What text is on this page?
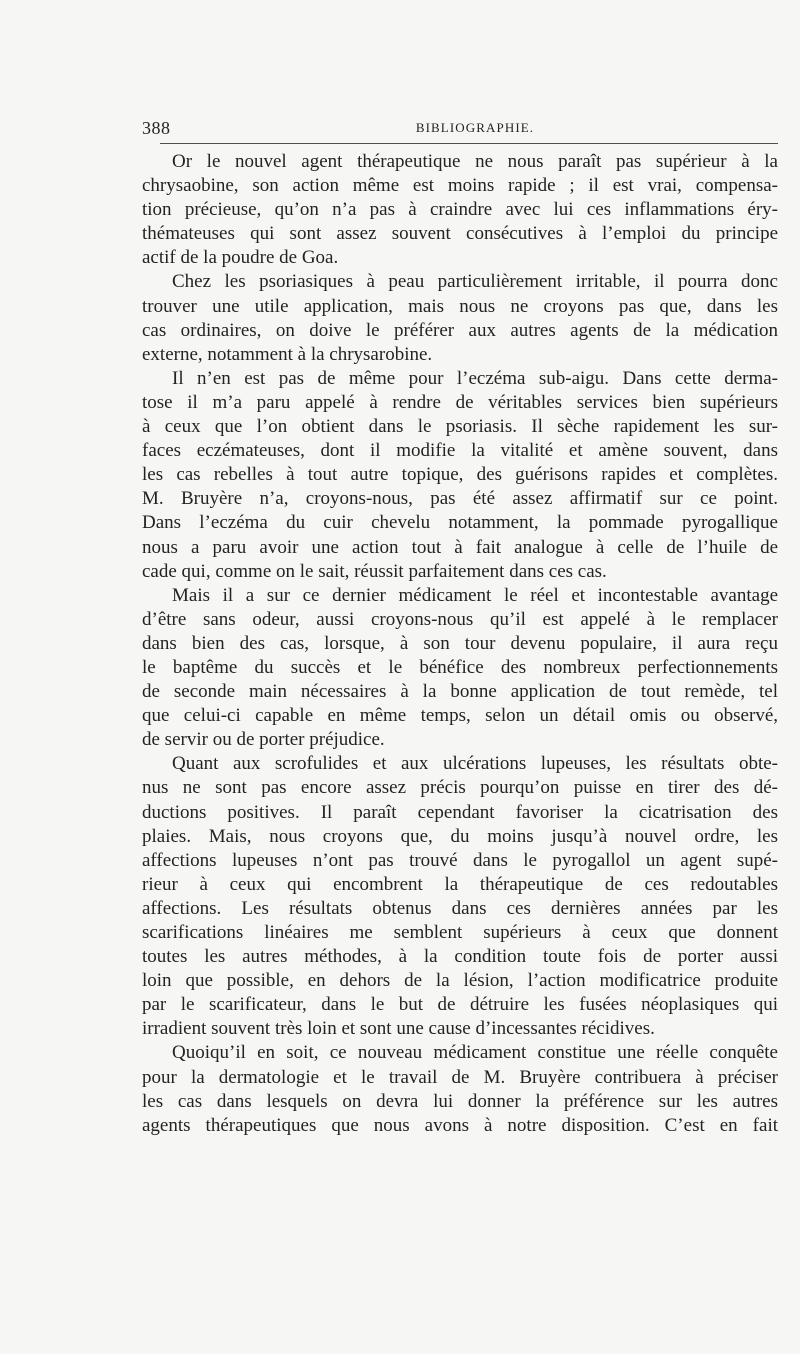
388	BIBLIOGRAPHIE.
Or le nouvel agent thérapeutique ne nous paraît pas supérieur à la
chrysaobine, son action même est moins rapide ; il est vrai, compensa-
tion précieuse, qu’on n’a pas à craindre avec lui ces inflammations éry-
thémateuses qui sont assez souvent consécutives à l’emploi du principe
actif de la poudre de Goa.
Chez les psoriasiques à peau particulièrement irritable, il pourra donc
trouver une utile application, mais nous ne croyons pas que, dans les
cas ordinaires, on doive le préférer aux autres agents de la médication
externe, notamment à la chrysarobine.
Il n’en est pas de même pour l’eczéma sub-aigu. Dans cette derma-
tose il m’a paru appelé à rendre de véritables services bien supérieurs
à ceux que l’on obtient dans le psoriasis. Il sèche rapidement les sur-
faces eczémateuses, dont il modifie la vitalité et amène souvent, dans
les cas rebelles à tout autre topique, des guérisons rapides et complètes.
M. Bruyère n’a, croyons-nous, pas été assez affirmatif sur ce point.
Dans l’eczéma du cuir chevelu notamment, la pommade pyrogallique
nous a paru avoir une action tout à fait analogue à celle de l’huile de
cade qui, comme on le sait, réussit parfaitement dans ces cas.
Mais il a sur ce dernier médicament le réel et incontestable avantage
d’être sans odeur, aussi croyons-nous qu’il est appelé à le remplacer
dans bien des cas, lorsque, à son tour devenu populaire, il aura reçu
le baptême du succès et le bénéfice des nombreux perfectionnements
de seconde main nécessaires à la bonne application de tout remède, tel
que celui-ci capable en même temps, selon un détail omis ou observé,
de servir ou de porter préjudice.
Quant aux scrofulides et aux ulcérations lupeuses, les résultats obte-
nus ne sont pas encore assez précis pourqu’on puisse en tirer des dé-
ductions positives. Il paraît cependant favoriser la cicatrisation des
plaies. Mais, nous croyons que, du moins jusqu’à nouvel ordre, les
affections lupeuses n’ont pas trouvé dans le pyrogallol un agent supé-
rieur à ceux qui encombrent la thérapeutique de ces redoutables
affections. Les résultats obtenus dans ces dernières années par les
scarifications linéaires me semblent supérieurs à ceux que donnent
toutes les autres méthodes, à la condition toute fois de porter aussi
loin que possible, en dehors de la lésion, l’action modificatrice produite
par le scarificateur, dans le but de détruire les fusées néoplasiques qui
irradient souvent très loin et sont une cause d’incessantes récidives.
Quoiqu’il en soit, ce nouveau médicament constitue une réelle conquête
pour la dermatologie et le travail de M. Bruyère contribuera à préciser
les cas dans lesquels on devra lui donner la préférence sur les autres
agents thérapeutiques que nous avons à notre disposition. C’est en fait
